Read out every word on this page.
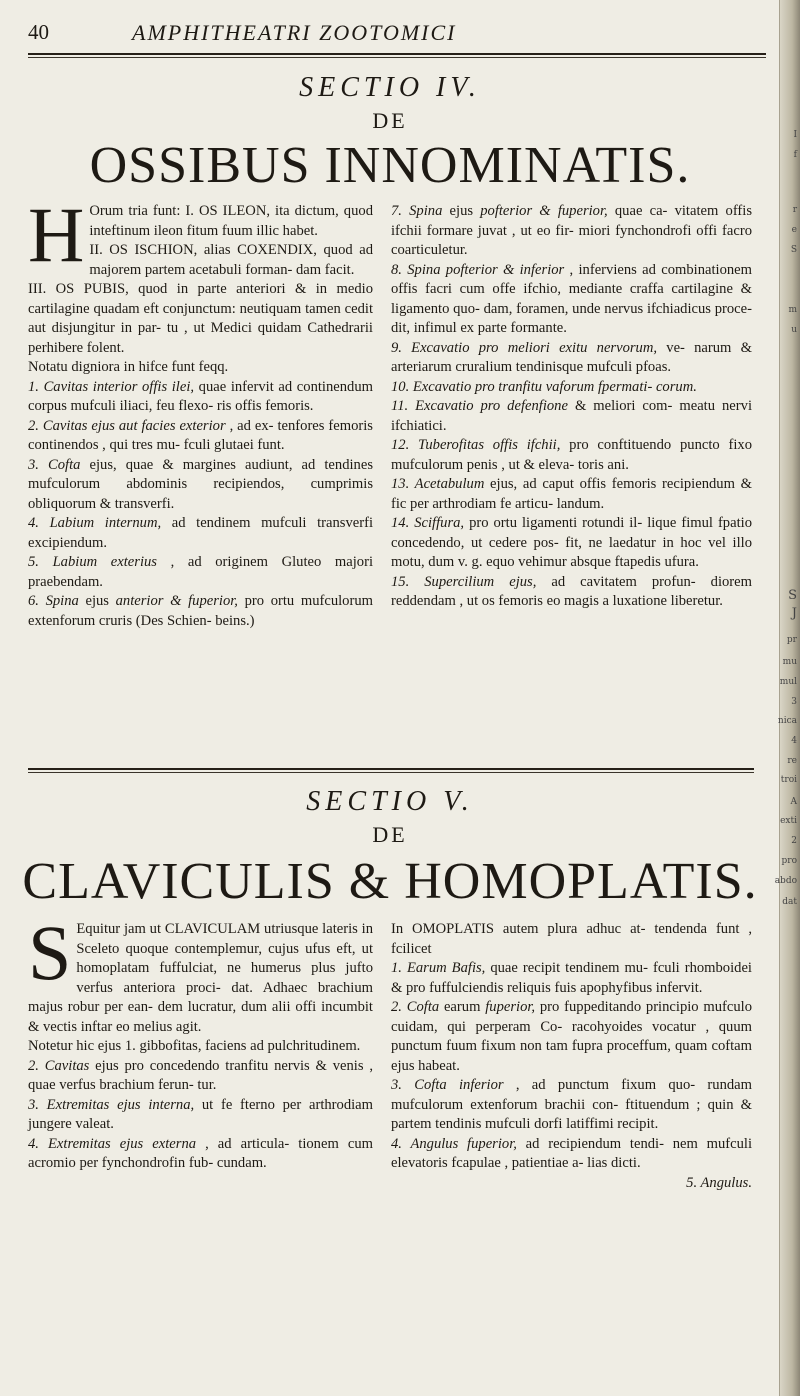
40	AMPHITHEATRI ZOOTOMICI
SECTIO IV.
DE
OSSIBUS INNOMINATIS.

H Orum tria funt: I. OS ILEON, ita dictum, quod inteftinum ileon fitum fuum illic habet.

II. OS ISCHION, alias COXENDIX, quod ad majorem partem acetabuli forman- dam facit.

III. OS PUBIS, quod in parte anteriori & in medio cartilagine quadam eft conjunctum: neutiquam tamen cedit aut disjungitur in par- tu , ut Medici quidam Cathedrarii perhibere folent.

Notatu digniora in hifce funt feqq.

1. Cavitas interior offis ilei, quae infervit ad continendum corpus mufculi iliaci, feu flexo- ris offis femoris.

2. Cavitas ejus aut facies exterior , ad ex- tenfores femoris continendos , qui tres mu- fculi glutaei funt.

3. Cofta ejus, quae & margines audiunt, ad tendines mufculorum abdominis recipiendos, cumprimis obliquorum & transverfi.

4. Labium internum, ad tendinem mufculi transverfi excipiendum.

5. Labium exterius , ad originem Gluteo majori praebendam.

6. Spina ejus anterior & fuperior, pro ortu mufculorum extenforum cruris (Des Schien- beins.)

7. Spina ejus pofterior & fuperior, quae ca- vitatem offis ifchii formare juvat , ut eo fir- miori fynchondrofi offi facro coarticuletur.

8. Spina pofterior & inferior , inferviens ad combinationem offis facri cum offe ifchio, mediante craffa cartilagine & ligamento quo- dam, foramen, unde nervus ifchiadicus proce- dit, infimul ex parte formante.

9. Excavatio pro meliori exitu nervorum, ve- narum & arteriarum cruralium tendinisque mufculi pfoas.

10. Excavatio pro tranfitu vaforum fpermati- corum.

11. Excavatio pro defenfione & meliori com- meatu nervi ifchiatici.

12. Tuberofitas offis ifchii, pro conftituendo puncto fixo mufculorum penis , ut & eleva- toris ani.

13. Acetabulum ejus, ad caput offis femoris recipiendum & fic per arthrodiam fe articu- landum.

14. Sciffura, pro ortu ligamenti rotundi il- lique fimul fpatio concedendo, ut cedere pos- fit, ne laedatur in hoc vel illo motu, dum v. g. equo vehimur absque ftapedis ufura.

15. Supercilium ejus, ad cavitatem profun- diorem reddendam , ut os femoris eo magis a luxatione liberetur.

SECTIO V.
DE
CLAVICULIS & HOMOPLATIS.

S Equitur jam ut CLAVICULAM utriusque lateris in Sceleto quoque contemplemur, cujus ufus eft, ut homoplatam fuffulciat, ne humerus plus jufto verfus anteriora proci- dat. Adhaec brachium majus robur per ean- dem lucratur, dum alii offi incumbit & vectis inftar eo melius agit.

Notetur hic ejus 1. gibbofitas, faciens ad pulchritudinem.

2. Cavitas ejus pro concedendo tranfitu nervis & venis , quae verfus brachium ferun- tur.

3. Extremitas ejus interna, ut fe fterno per arthrodiam jungere valeat.

4. Extremitas ejus externa , ad articula- tionem cum acromio per fynchondrofin fub- cundam.

In OMOPLATIS autem plura adhuc at- tendenda funt , fcilicet

1. Earum Bafis, quae recipit tendinem mu- fculi rhomboidei & pro fuffulciendis reliquis fuis apophyfibus infervit.

2. Cofta earum fuperior, pro fuppeditando principio mufculo cuidam, qui perperam Co- racohyoides vocatur , quum punctum fuum fixum non tam fupra proceffum, quam coftam ejus habeat.

3. Cofta inferior , ad punctum fixum quo- rundam mufculorum extenforum brachii con- ftituendum ; quin & partem tendinis mufculi dorfi latiffimi recipit.

4. Angulus fuperior, ad recipiendum tendi- nem mufculi elevatoris fcapulae , patientiae a- lias dicti.

5. Angulus.

I
f
r
e
S
m
u
S
J
pr
mu
mul
3
nica
4
re
troi
A
exti
2
pro
abdo
dat
